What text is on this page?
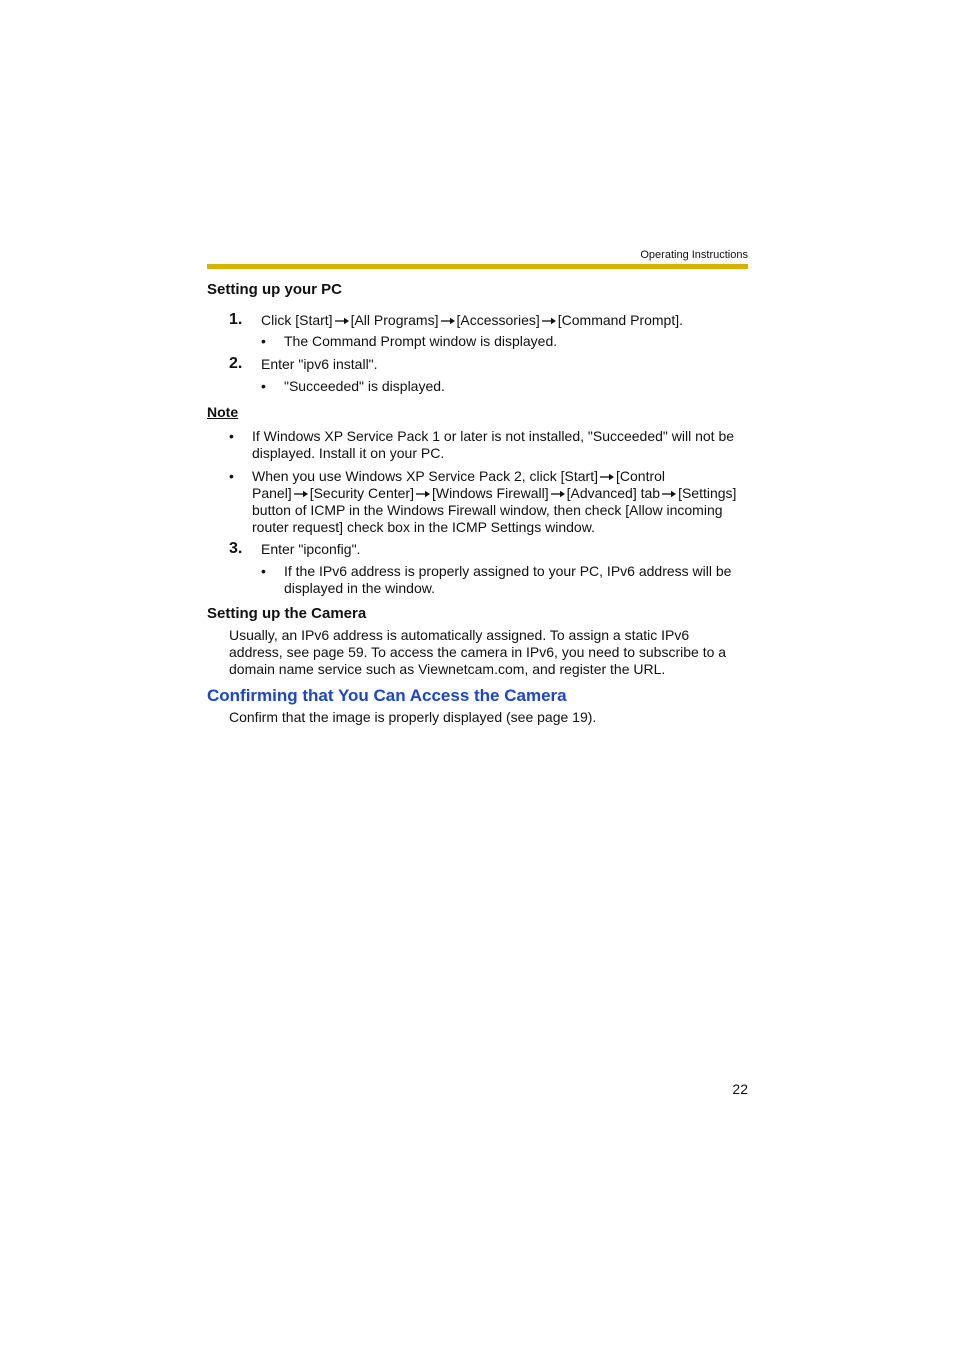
Operating Instructions
Setting up your PC
1. Click [Start] [All Programs] [Accessories] [Command Prompt].
• The Command Prompt window is displayed.
2. Enter "ipv6 install".
• "Succeeded" is displayed.
Note
• If Windows XP Service Pack 1 or later is not installed, "Succeeded" will not be
displayed. Install it on your PC.
• When you use Windows XP Service Pack 2, click [Start] [Control
Panel] [Security Center] [Windows Firewall] [Advanced] tab [Settings]
button of ICMP in the Windows Firewall window, then check [Allow incoming
router request] check box in the ICMP Settings window.
3. Enter "ipconfig".
• If the IPv6 address is properly assigned to your PC, IPv6 address will be
displayed in the window.
Setting up the Camera
Usually, an IPv6 address is automatically assigned. To assign a static IPv6
address, see page 59. To access the camera in IPv6, you need to subscribe to a
domain name service such as Viewnetcam.com, and register the URL.
Confirming that You Can Access the Camera
Confirm that the image is properly displayed (see page 19).
22
